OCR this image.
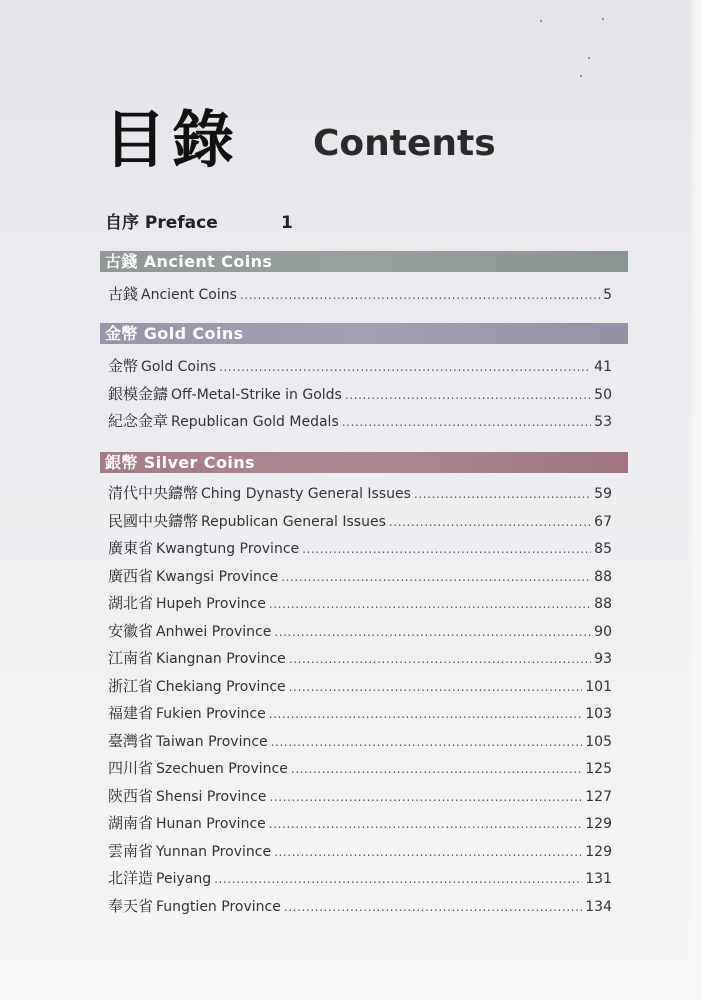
目錄 Contents
自序 Preface	1
古錢 Ancient Coins
古錢 Ancient Coins .....	5
金幣 Gold Coins
金幣 Gold Coins .....	41
銀模金鑄 Off-Metal-Strike in Golds .....	50
紀念金章 Republican Gold Medals .....	53
銀幣 Silver Coins
清代中央鑄幣 Ching Dynasty General Issues .....	59
民國中央鑄幣 Republican General Issues .....	67
廣東省 Kwangtung Province .....	85
廣西省 Kwangsi Province .....	88
湖北省 Hupeh Province .....	88
安徽省 Anhwei Province .....	90
江南省 Kiangnan Province .....	93
浙江省 Chekiang Province .....	101
福建省 Fukien Province .....	103
臺灣省 Taiwan Province .....	105
四川省 Szechuen Province .....	125
陝西省 Shensi Province .....	127
湖南省 Hunan Province .....	129
雲南省 Yunnan Province .....	129
北洋造 Peiyang .....	131
奉天省 Fungtien Province .....	134
